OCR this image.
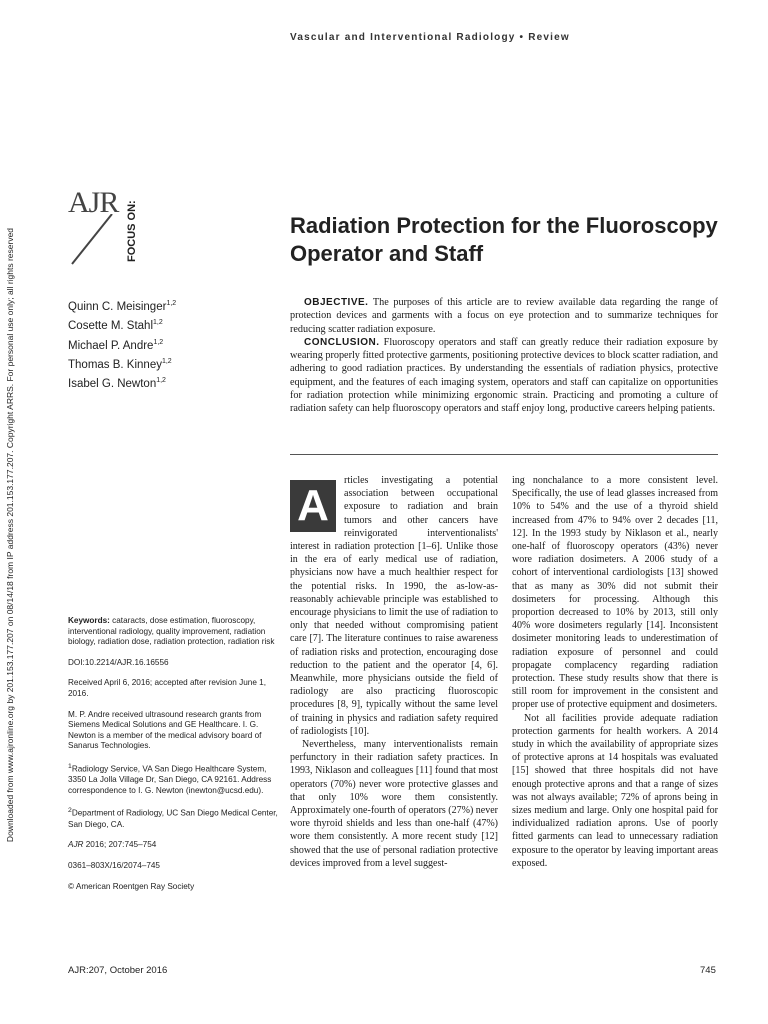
Vascular and Interventional Radiology • Review
Downloaded from www.ajronline.org by 201.153.177.207 on 08/14/18 from IP address 201.153.177.207. Copyright ARRS. For personal use only; all rights reserved
AJR FOCUS ON:	Radiation Protection for the Fluoroscopy Operator and Staff
Quinn C. Meisinger$^{1,2}$
Cosette M. Stahl$^{1,2}$
Michael P. Andre$^{1,2}$
Thomas B. Kinney$^{1,2}$
Isabel G. Newton$^{1,2}$

OBJECTIVE. The purposes of this article are to review available data regarding the range of protection devices and garments with a focus on eye protection and to summarize techniques for reducing scatter radiation exposure.

CONCLUSION. Fluoroscopy operators and staff can greatly reduce their radiation exposure by wearing properly fitted protective garments, positioning protective devices to block scatter radiation, and adhering to good radiation practices. By understanding the essentials of radiation physics, protective equipment, and the features of each imaging system, operators and staff can capitalize on opportunities for radiation protection while minimizing ergonomic strain. Practicing and promoting a culture of radiation safety can help fluoroscopy operators and staff enjoy long, productive careers helping patients.

A
rticles investigating a potential association between occupational exposure to radiation and brain tumors and other cancers have reinvigorated interventionalists' interest in radiation protection [1–6]. Unlike those in the era of early medical use of radiation, physicians now have a much healthier respect for the potential risks. In 1990, the as-low-as-reasonably achievable principle was established to encourage physicians to limit the use of radiation to only that needed without compromising patient care [7]. The literature continues to raise awareness of radiation risks and protection, encouraging dose reduction to the patient and the operator [4, 6]. Meanwhile, more physicians outside the field of radiology are also practicing fluoroscopic procedures [8, 9], typically without the same level of training in physics and radiation safety required of radiologists [10].

Nevertheless, many interventionalists remain perfunctory in their radiation safety practices. In 1993, Niklason and colleagues [11] found that most operators (70%) never wore protective glasses and that only 10% wore them consistently. Approximately one-fourth of operators (27%) never wore thyroid shields and less than one-half (47%) wore them consistently. A more recent study [12] showed that the use of personal radiation protective devices improved from a level suggest-

ing nonchalance to a more consistent level. Specifically, the use of lead glasses increased from 10% to 54% and the use of a thyroid shield increased from 47% to 94% over 2 decades [11, 12]. In the 1993 study by Niklason et al., nearly one-half of fluoroscopy operators (43%) never wore radiation dosimeters. A 2006 study of a cohort of interventional cardiologists [13] showed that as many as 30% did not submit their dosimeters for processing. Although this proportion decreased to 10% by 2013, still only 40% wore dosimeters regularly [14]. Inconsistent dosimeter monitoring leads to underestimation of radiation exposure of personnel and could propagate complacency regarding radiation protection. These study results show that there is still room for improvement in the consistent and proper use of protective equipment and dosimeters.

Not all facilities provide adequate radiation protection garments for health workers. A 2014 study in which the availability of appropriate sizes of protective aprons at 14 hospitals was evaluated [15] showed that three hospitals did not have enough protective aprons and that a range of sizes was not always available; 72% of aprons being in sizes medium and large. Only one hospital paid for individualized radiation aprons. Use of poorly fitted garments can lead to unnecessary radiation exposure to the operator by leaving important areas exposed.

Keywords: cataracts, dose estimation, fluoroscopy, interventional radiology, quality improvement, radiation biology, radiation dose, radiation protection, radiation risk

DOI:10.2214/AJR.16.16556

Received April 6, 2016; accepted after revision June 1, 2016.

M. P. Andre received ultrasound research grants from Siemens Medical Solutions and GE Healthcare. I. G. Newton is a member of the medical advisory board of Sanarus Technologies.

$^1$Radiology Service, VA San Diego Healthcare System, 3350 La Jolla Village Dr, San Diego, CA 92161. Address correspondence to I. G. Newton (inewton@ucsd.edu).

$^2$Department of Radiology, UC San Diego Medical Center, San Diego, CA.

AJR 2016; 207:745–754

0361–803X/16/2074–745

© American Roentgen Ray Society

AJR:207, October 2016	745
